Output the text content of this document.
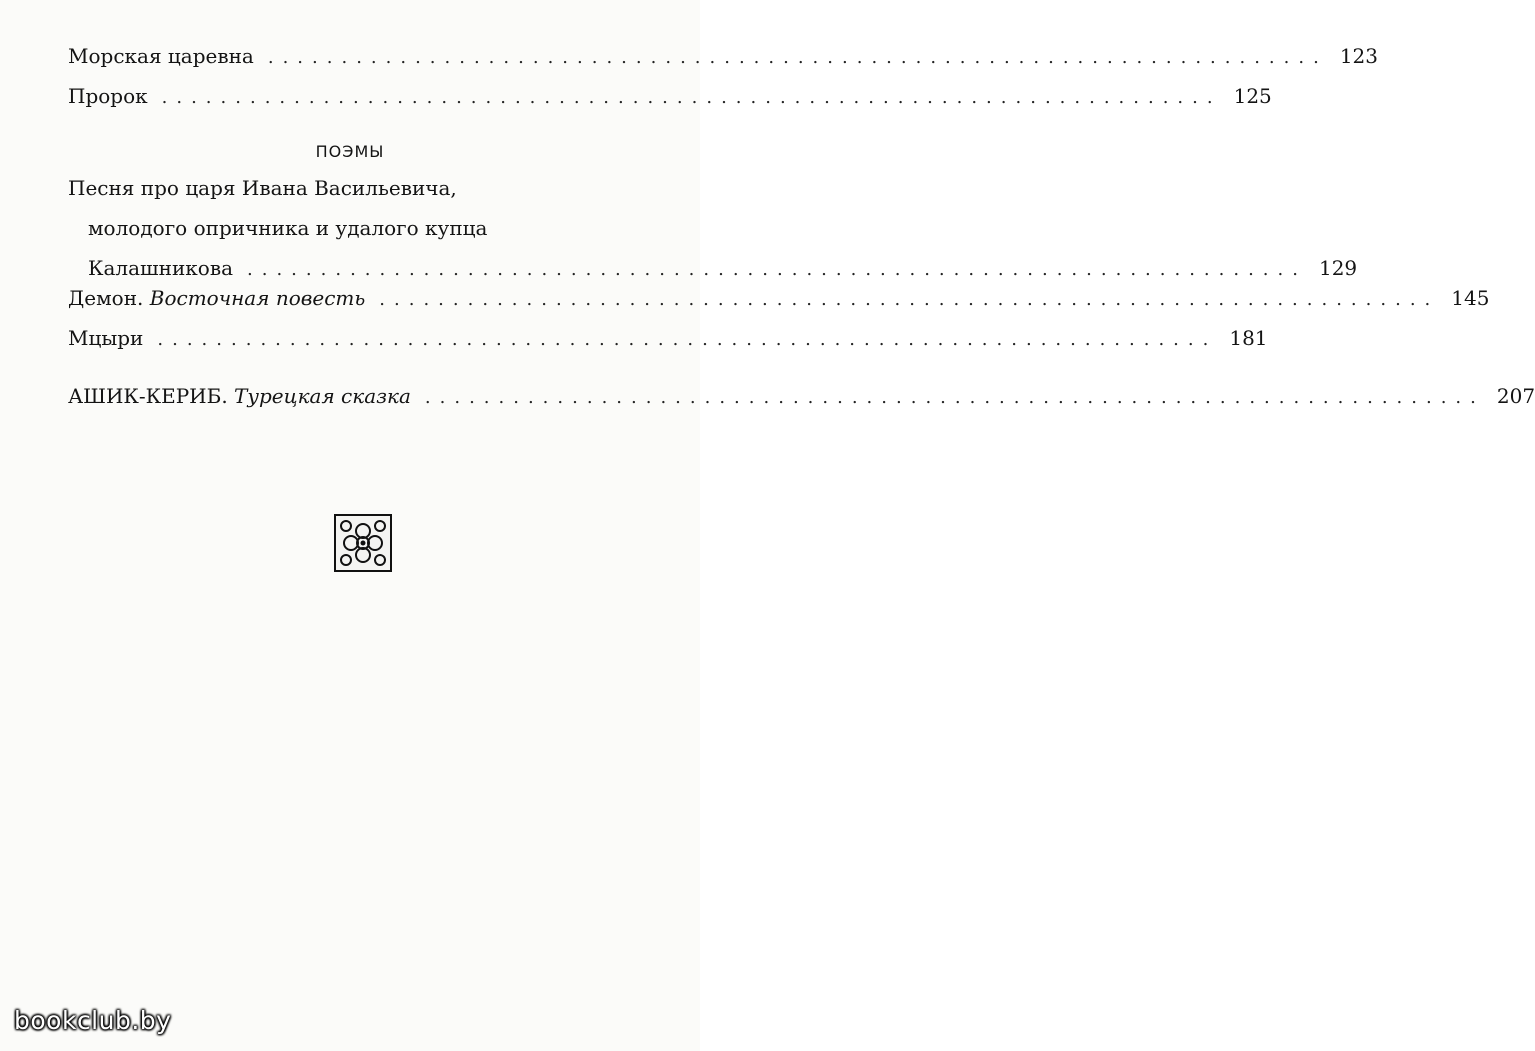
Морская царевна ........................................................................ 123
Пророк ........................................................................ 125
ПОЭМЫ
Песня про царя Ивана Васильевича,
молодого опричника и удалого купца
Калашникова ........................................................................ 129
Демон. Восточная повесть ........................................................................ 145
Мцыри ........................................................................ 181
АШИК-КЕРИБ. Турецкая сказка ........................................................................ 207
bookclub.by
